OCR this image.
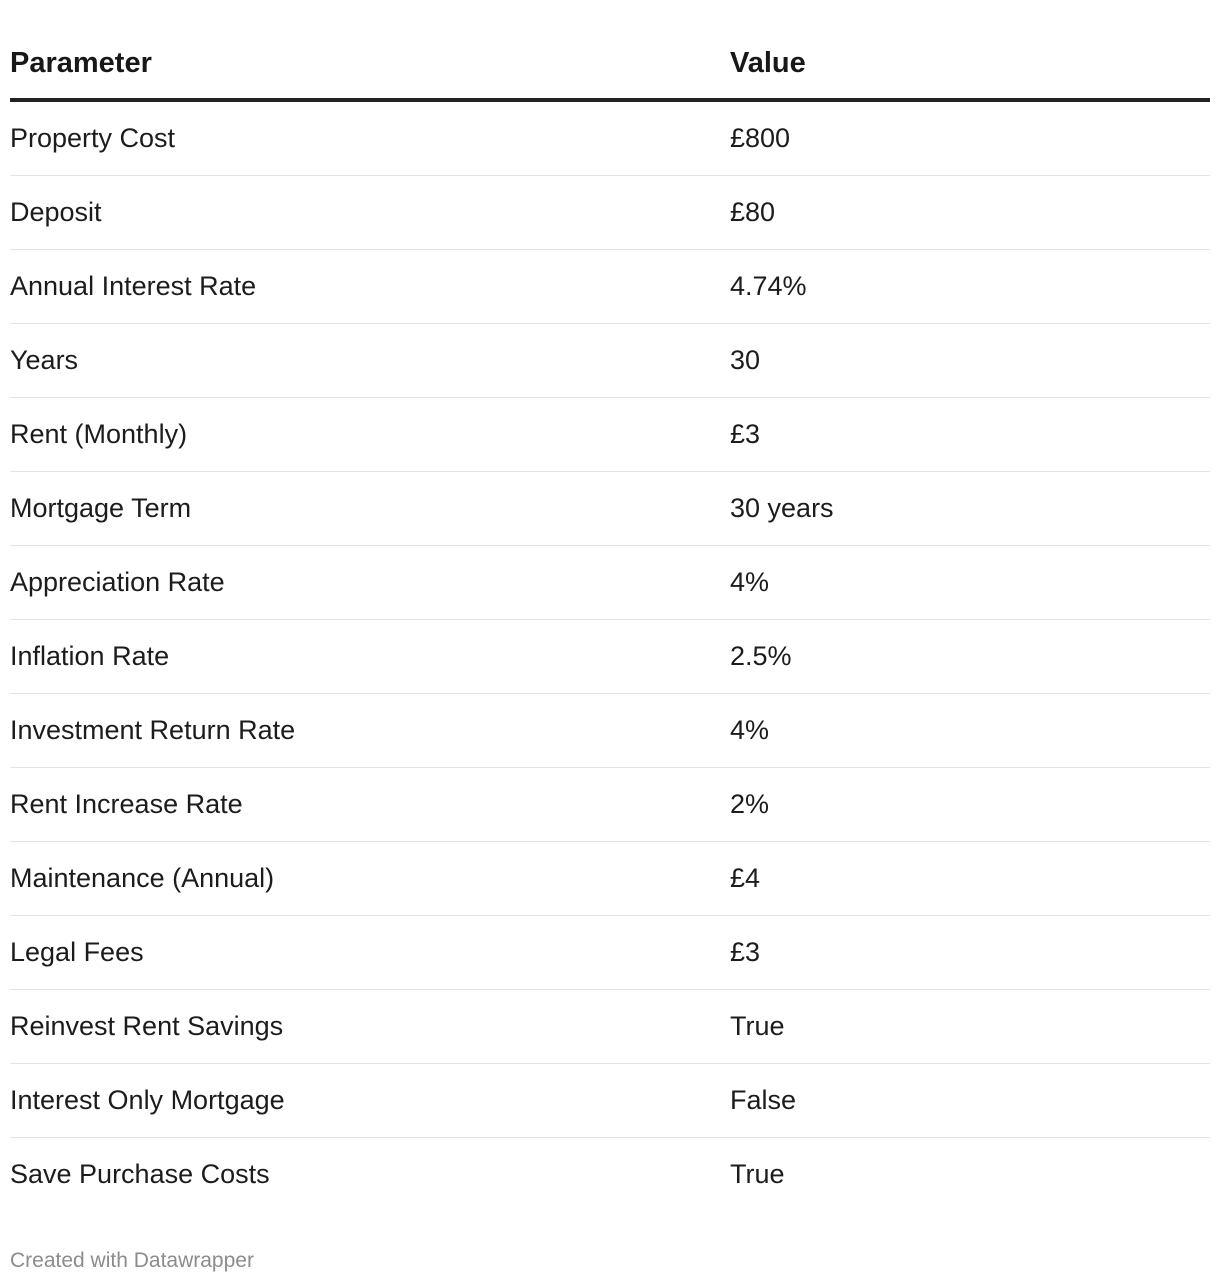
Parameter	Value
Property Cost	£800
Deposit	£80
Annual Interest Rate	4.74%
Years	30
Rent (Monthly)	£3
Mortgage Term	30 years
Appreciation Rate	4%
Inflation Rate	2.5%
Investment Return Rate	4%
Rent Increase Rate	2%
Maintenance (Annual)	£4
Legal Fees	£3
Reinvest Rent Savings	True
Interest Only Mortgage	False
Save Purchase Costs	True
Created with Datawrapper
